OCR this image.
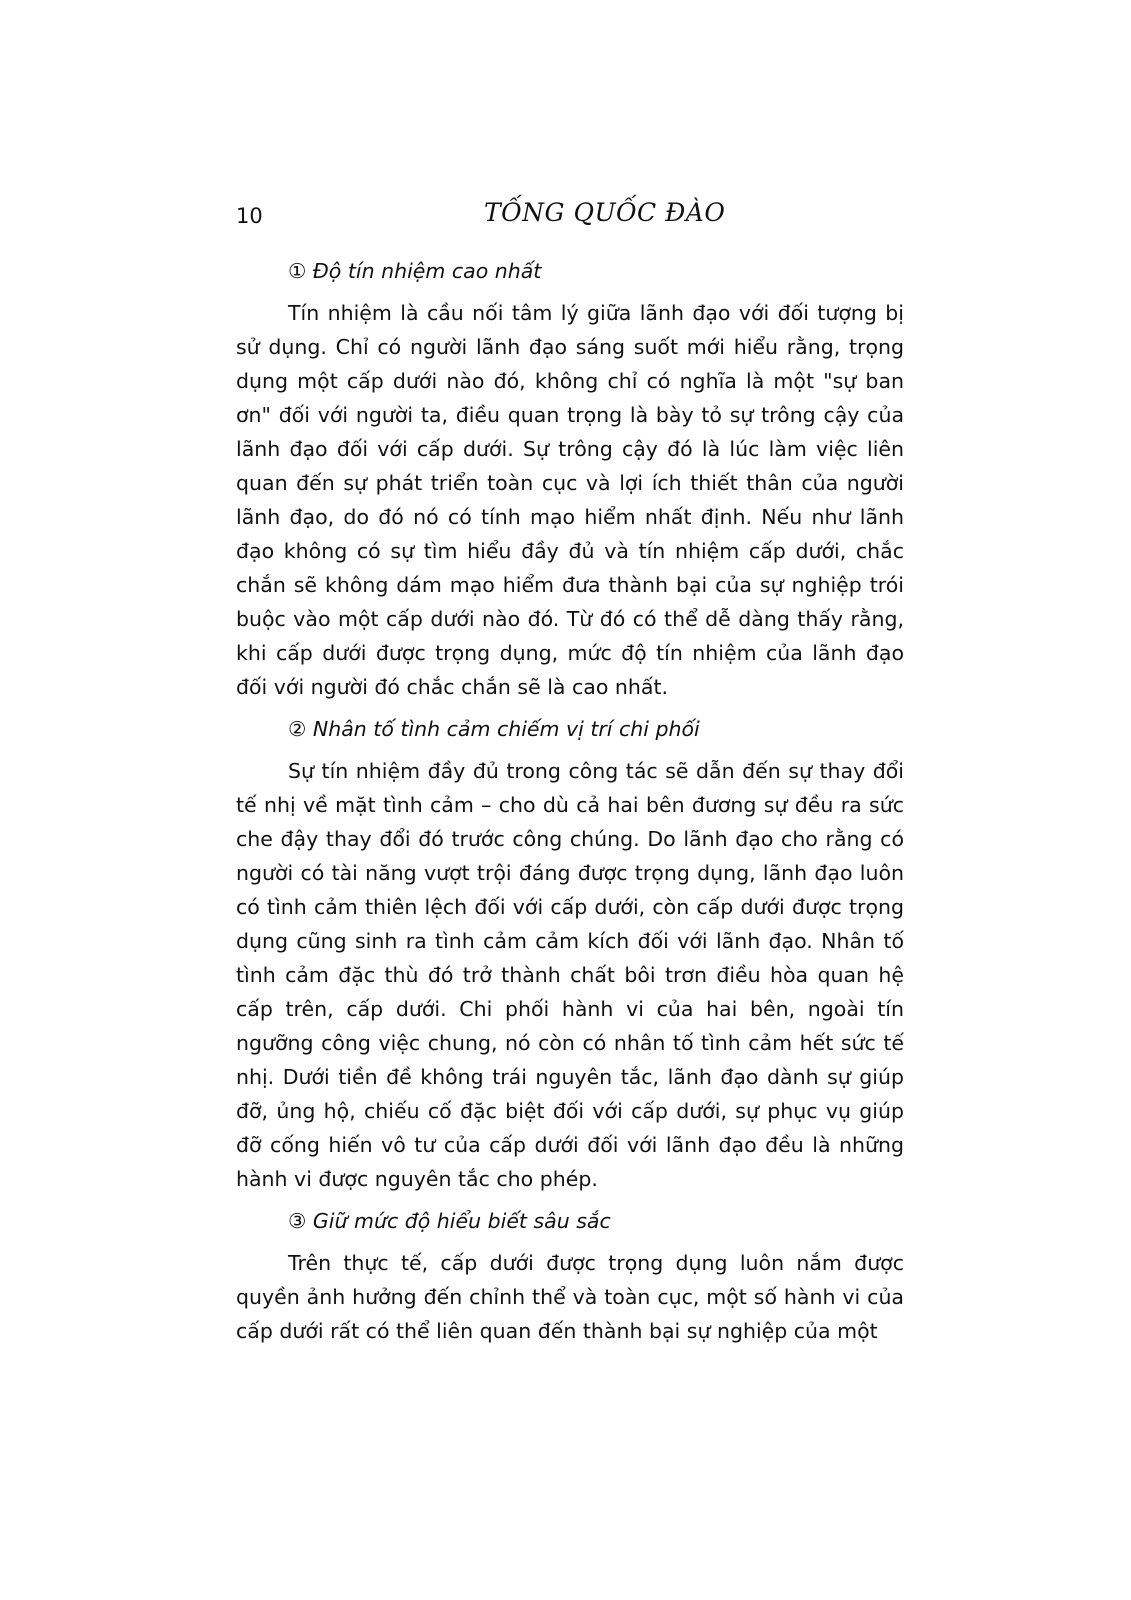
10	TỐNG QUỐC ĐÀO
① Độ tín nhiệm cao nhất

Tín nhiệm là cầu nối tâm lý giữa lãnh đạo với đối tượng bị sử dụng. Chỉ có người lãnh đạo sáng suốt mới hiểu rằng, trọng dụng một cấp dưới nào đó, không chỉ có nghĩa là một "sự ban ơn" đối với người ta, điều quan trọng là bày tỏ sự trông cậy của lãnh đạo đối với cấp dưới. Sự trông cậy đó là lúc làm việc liên quan đến sự phát triển toàn cục và lợi ích thiết thân của người lãnh đạo, do đó nó có tính mạo hiểm nhất định. Nếu như lãnh đạo không có sự tìm hiểu đầy đủ và tín nhiệm cấp dưới, chắc chắn sẽ không dám mạo hiểm đưa thành bại của sự nghiệp trói buộc vào một cấp dưới nào đó. Từ đó có thể dễ dàng thấy rằng, khi cấp dưới được trọng dụng, mức độ tín nhiệm của lãnh đạo đối với người đó chắc chắn sẽ là cao nhất.

② Nhân tố tình cảm chiếm vị trí chi phối

Sự tín nhiệm đầy đủ trong công tác sẽ dẫn đến sự thay đổi tế nhị về mặt tình cảm – cho dù cả hai bên đương sự đều ra sức che đậy thay đổi đó trước công chúng. Do lãnh đạo cho rằng có người có tài năng vượt trội đáng được trọng dụng, lãnh đạo luôn có tình cảm thiên lệch đối với cấp dưới, còn cấp dưới được trọng dụng cũng sinh ra tình cảm cảm kích đối với lãnh đạo. Nhân tố tình cảm đặc thù đó trở thành chất bôi trơn điều hòa quan hệ cấp trên, cấp dưới. Chi phối hành vi của hai bên, ngoài tín ngưỡng công việc chung, nó còn có nhân tố tình cảm hết sức tế nhị. Dưới tiền đề không trái nguyên tắc, lãnh đạo dành sự giúp đỡ, ủng hộ, chiếu cố đặc biệt đối với cấp dưới, sự phục vụ giúp đỡ cống hiến vô tư của cấp dưới đối với lãnh đạo đều là những hành vi được nguyên tắc cho phép.

③ Giữ mức độ hiểu biết sâu sắc

Trên thực tế, cấp dưới được trọng dụng luôn nắm được quyền ảnh hưởng đến chỉnh thể và toàn cục, một số hành vi của cấp dưới rất có thể liên quan đến thành bại sự nghiệp của một
